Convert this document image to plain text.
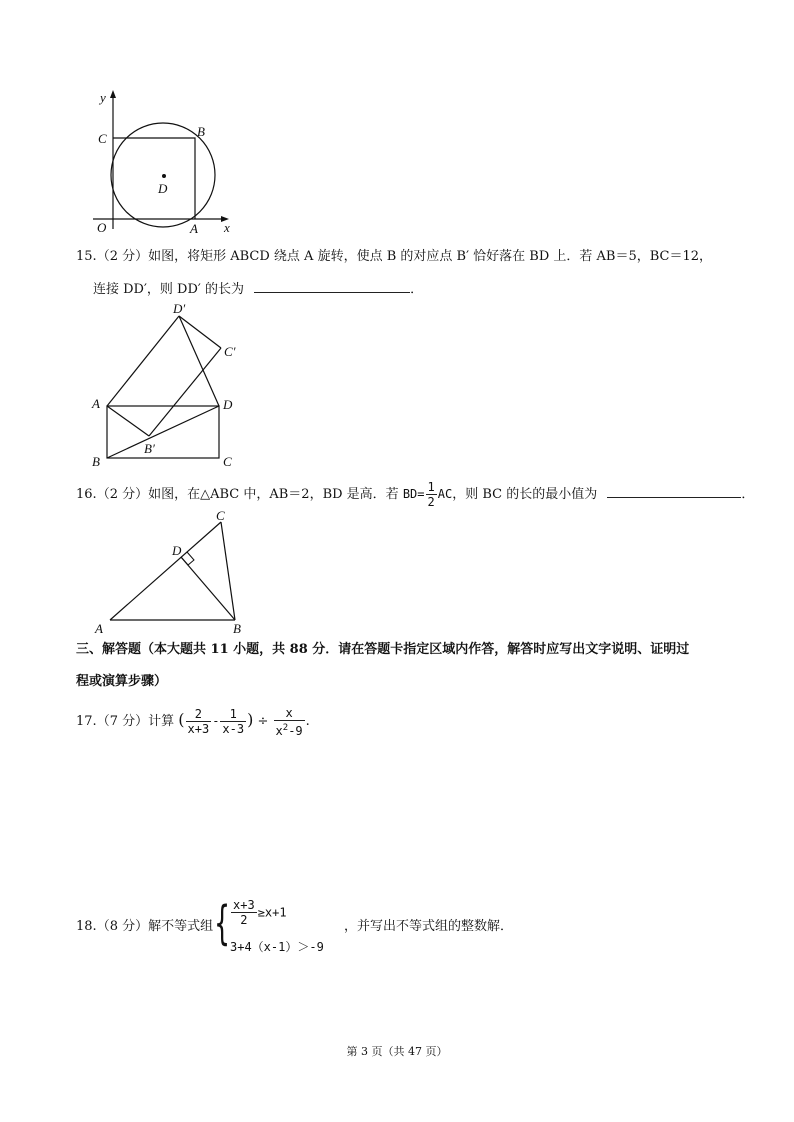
y
x
O	A
B
C
D
15.（2 分）如图，将矩形 ABCD 绕点 A 旋转，使点 B 的对应点 B′ 恰好落在 BD 上．若 AB＝5，BC＝12，
连接 DD′，则 DD′ 的长为	．
D′
C′
A	D
B′
B	C
16.（2 分）如图，在△ABC 中，AB＝2，BD 是高．若 $BD= \frac{1}{2}$ AC，则 BC 的长的最小值为	．
C
D
A	B
三、解答题（本大题共 11 小题，共 88 分．请在答题卡指定区域内作答，解答时应写出文字说明、证明过
程或演算步骤）
17.（7 分）计算 ( $\frac{2}{x+3} - \frac{1}{x-3}$ ) ÷ $\frac{x}{x^2-9}$ .
18.（8 分）解不等式组 { $\frac{x+3}{2} \ge x+1$
3+4（x-1）＞-9
，并写出不等式组的整数解．
第 3 页（共 47 页）
